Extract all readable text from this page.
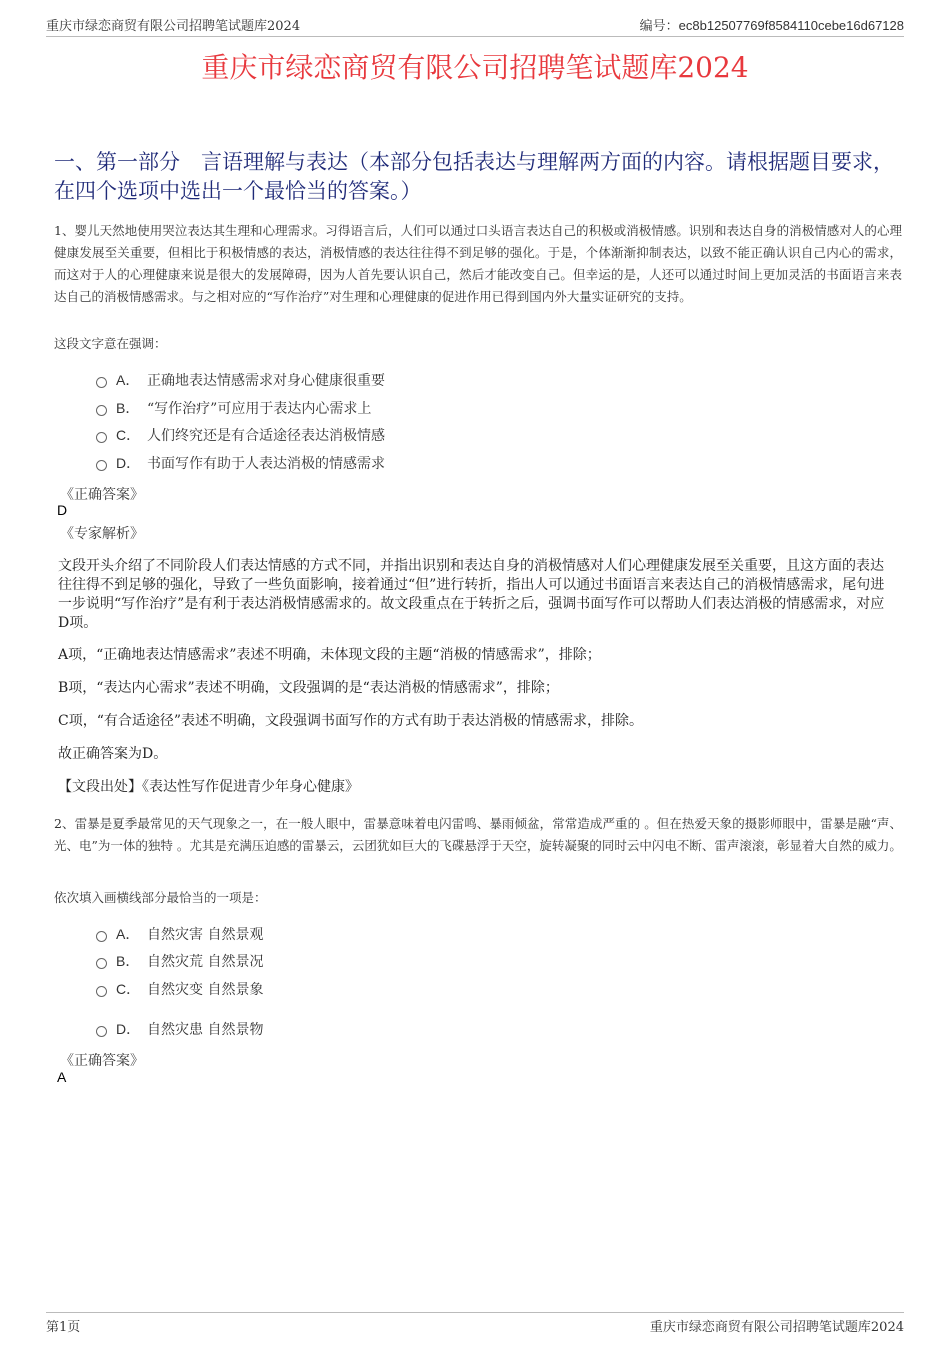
重庆市绿恋商贸有限公司招聘笔试题库2024	编号：ec8b12507769f8584110cebe16d67128
重庆市绿恋商贸有限公司招聘笔试题库2024
一、第一部分　言语理解与表达（本部分包括表达与理解两方面的内容。请根据题目要求，在四个选项中选出一个最恰当的答案。）
1、婴儿天然地使用哭泣表达其生理和心理需求。习得语言后，人们可以通过口头语言表达自己的积极或消极情感。识别和表达自身的消极情感对人的心理健康发展至关重要，但相比于积极情感的表达，消极情感的表达往往得不到足够的强化。于是，个体渐渐抑制表达，以致不能正确认识自己内心的需求，而这对于人的心理健康来说是很大的发展障碍，因为人首先要认识自己，然后才能改变自己。但幸运的是，人还可以通过时间上更加灵活的书面语言来表达自己的消极情感需求。与之相对应的“写作治疗”对生理和心理健康的促进作用已得到国内外大量实证研究的支持。
这段文字意在强调：
A． 正确地表达情感需求对身心健康很重要
B． “写作治疗”可应用于表达内心需求上
C． 人们终究还是有合适途径表达消极情感
D． 书面写作有助于人表达消极的情感需求
《正确答案》
D
《专家解析》
文段开头介绍了不同阶段人们表达情感的方式不同，并指出识别和表达自身的消极情感对人们心理健康发展至关重要，且这方面的表达往往得不到足够的强化，导致了一些负面影响，接着通过“但”进行转折，指出人可以通过书面语言来表达自己的消极情感需求，尾句进一步说明“写作治疗”是有利于表达消极情感需求的。故文段重点在于转折之后，强调书面写作可以帮助人们表达消极的情感需求，对应D项。
A项，“正确地表达情感需求”表述不明确，未体现文段的主题“消极的情感需求”，排除；
B项，“表达内心需求”表述不明确，文段强调的是“表达消极的情感需求”，排除；
C项，“有合适途径”表述不明确，文段强调书面写作的方式有助于表达消极的情感需求，排除。
故正确答案为D。
【文段出处】《表达性写作促进青少年身心健康》
2、雷暴是夏季最常见的天气现象之一，在一般人眼中，雷暴意味着电闪雷鸣、暴雨倾盆，常常造成严重的 。但在热爱天象的摄影师眼中，雷暴是融“声、光、电”为一体的独特 。尤其是充满压迫感的雷暴云，云团犹如巨大的飞碟悬浮于天空，旋转凝聚的同时云中闪电不断、雷声滚滚，彰显着大自然的威力。
依次填入画横线部分最恰当的一项是：
A． 自然灾害 自然景观
B． 自然灾荒 自然景况
C． 自然灾变 自然景象
D． 自然灾患 自然景物
《正确答案》
A
第1页	重庆市绿恋商贸有限公司招聘笔试题库2024
